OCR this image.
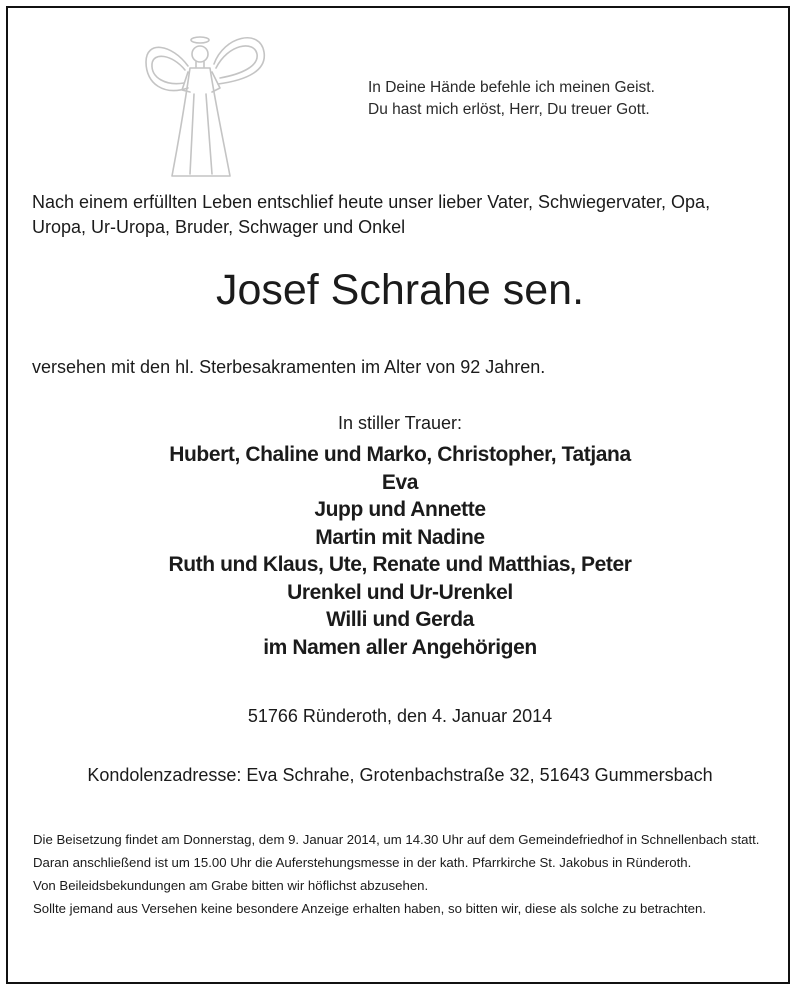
In Deine Hände befehle ich meinen Geist.
Du hast mich erlöst, Herr, Du treuer Gott.
Nach einem erfüllten Leben entschlief heute unser lieber Vater, Schwiegervater, Opa,
Uropa, Ur-Uropa, Bruder, Schwager und Onkel
Josef Schrahe sen.
versehen mit den hl. Sterbesakramenten im Alter von 92 Jahren.
In stiller Trauer:
Hubert, Chaline und Marko, Christopher, Tatjana
Eva
Jupp und Annette
Martin mit Nadine
Ruth und Klaus, Ute, Renate und Matthias, Peter
Urenkel und Ur-Urenkel
Willi und Gerda
im Namen aller Angehörigen
51766 Ründeroth, den 4. Januar 2014
Kondolenzadresse: Eva Schrahe, Grotenbachstraße 32, 51643 Gummersbach

Die Beisetzung findet am Donnerstag, dem 9. Januar 2014, um 14.30 Uhr auf dem Gemeindefriedhof in Schnellenbach statt.

Daran anschließend ist um 15.00 Uhr die Auferstehungsmesse in der kath. Pfarrkirche St. Jakobus in Ründeroth.

Von Beileidsbekundungen am Grabe bitten wir höflichst abzusehen.

Sollte jemand aus Versehen keine besondere Anzeige erhalten haben, so bitten wir, diese als solche zu betrachten.
